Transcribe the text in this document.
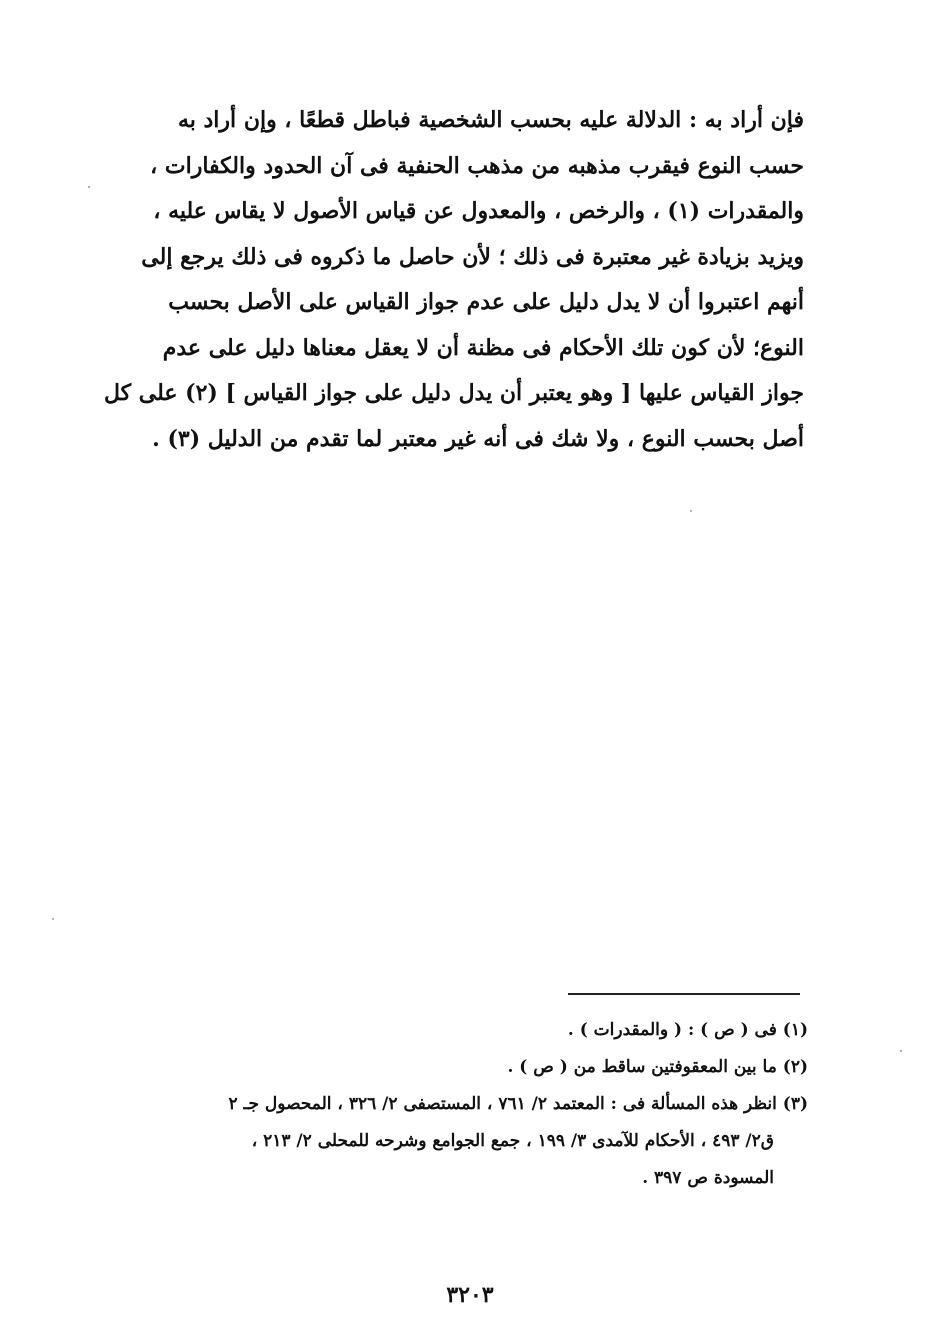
فإن أراد به : الدلالة عليه بحسب الشخصية فباطل قطعًا ، وإن أراد به
حسب النوع فيقرب مذهبه من مذهب الحنفية فى آن الحدود والكفارات ،
والمقدرات (١) ، والرخص ، والمعدول عن قياس الأصول لا يقاس عليه ،
ويزيد بزيادة غير معتبرة فى ذلك ؛ لأن حاصل ما ذكروه فى ذلك يرجع إلى
أنهم اعتبروا أن لا يدل دليل على عدم جواز القياس على الأصل بحسب
النوع؛ لأن كون تلك الأحكام فى مظنة أن لا يعقل معناها دليل على عدم
جواز القياس عليها [ وهو يعتبر أن يدل دليل على جواز القياس ] (٢) على كل
أصل بحسب النوع ، ولا شك فى أنه غير معتبر لما تقدم من الدليل (٣) .
(١) فى ( ص ) : ( والمقدرات ) .
(٢) ما بين المعقوفتين ساقط من ( ص ) .
(٣) انظر هذه المسألة فى : المعتمد ٢/ ٧٦١ ، المستصفى ٢/ ٣٢٦ ، المحصول جـ ٢
ق٢/ ٤٩٣ ، الأحكام للآمدى ٣/ ١٩٩ ، جمع الجوامع وشرحه للمحلى ٢/ ٢١٣ ،
المسودة ص ٣٩٧ .
٣٢٠٣
